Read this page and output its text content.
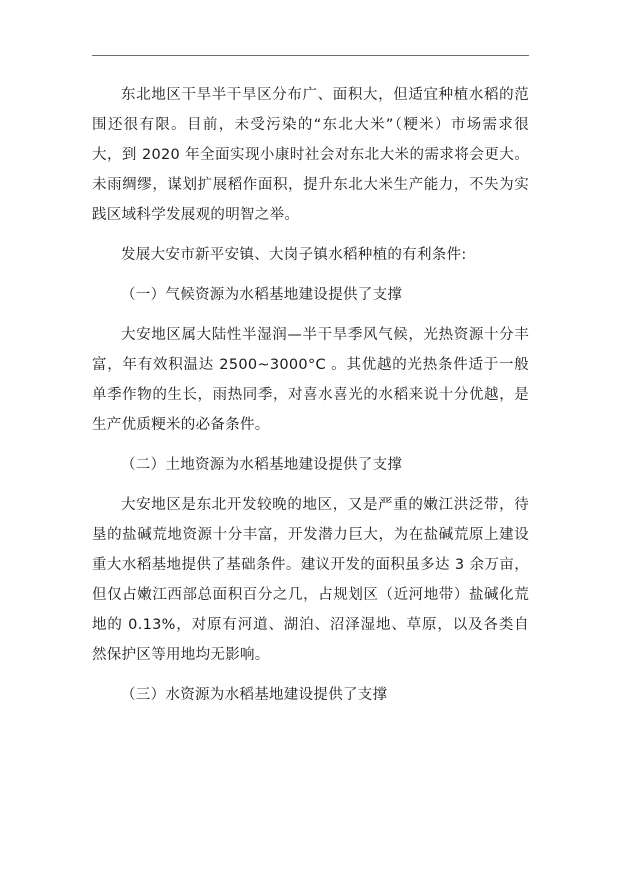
东北地区干旱半干旱区分布广、面积大，但适宜种植水稻的范围还很有限。目前，未受污染的“东北大米”（粳米）市场需求很大，到 2020 年全面实现小康时社会对东北大米的需求将会更大。未雨绸缪，谋划扩展稻作面积，提升东北大米生产能力，不失为实践区域科学发展观的明智之举。

发展大安市新平安镇、大岗子镇水稻种植的有利条件:

（一）气候资源为水稻基地建设提供了支撑

大安地区属大陆性半湿润—半干旱季风气候，光热资源十分丰富，年有效积温达 2500~3000°C 。其优越的光热条件适于一般单季作物的生长，雨热同季，对喜水喜光的水稻来说十分优越，是生产优质粳米的必备条件。

（二）土地资源为水稻基地建设提供了支撑

大安地区是东北开发较晚的地区，又是严重的嫩江洪泛带，待垦的盐碱荒地资源十分丰富，开发潜力巨大，为在盐碱荒原上建设重大水稻基地提供了基础条件。建议开发的面积虽多达 3 余万亩，但仅占嫩江西部总面积百分之几，占规划区（近河地带）盐碱化荒地的 0.13%，对原有河道、湖泊、沼泽湿地、草原，以及各类自然保护区等用地均无影响。

（三）水资源为水稻基地建设提供了支撑
